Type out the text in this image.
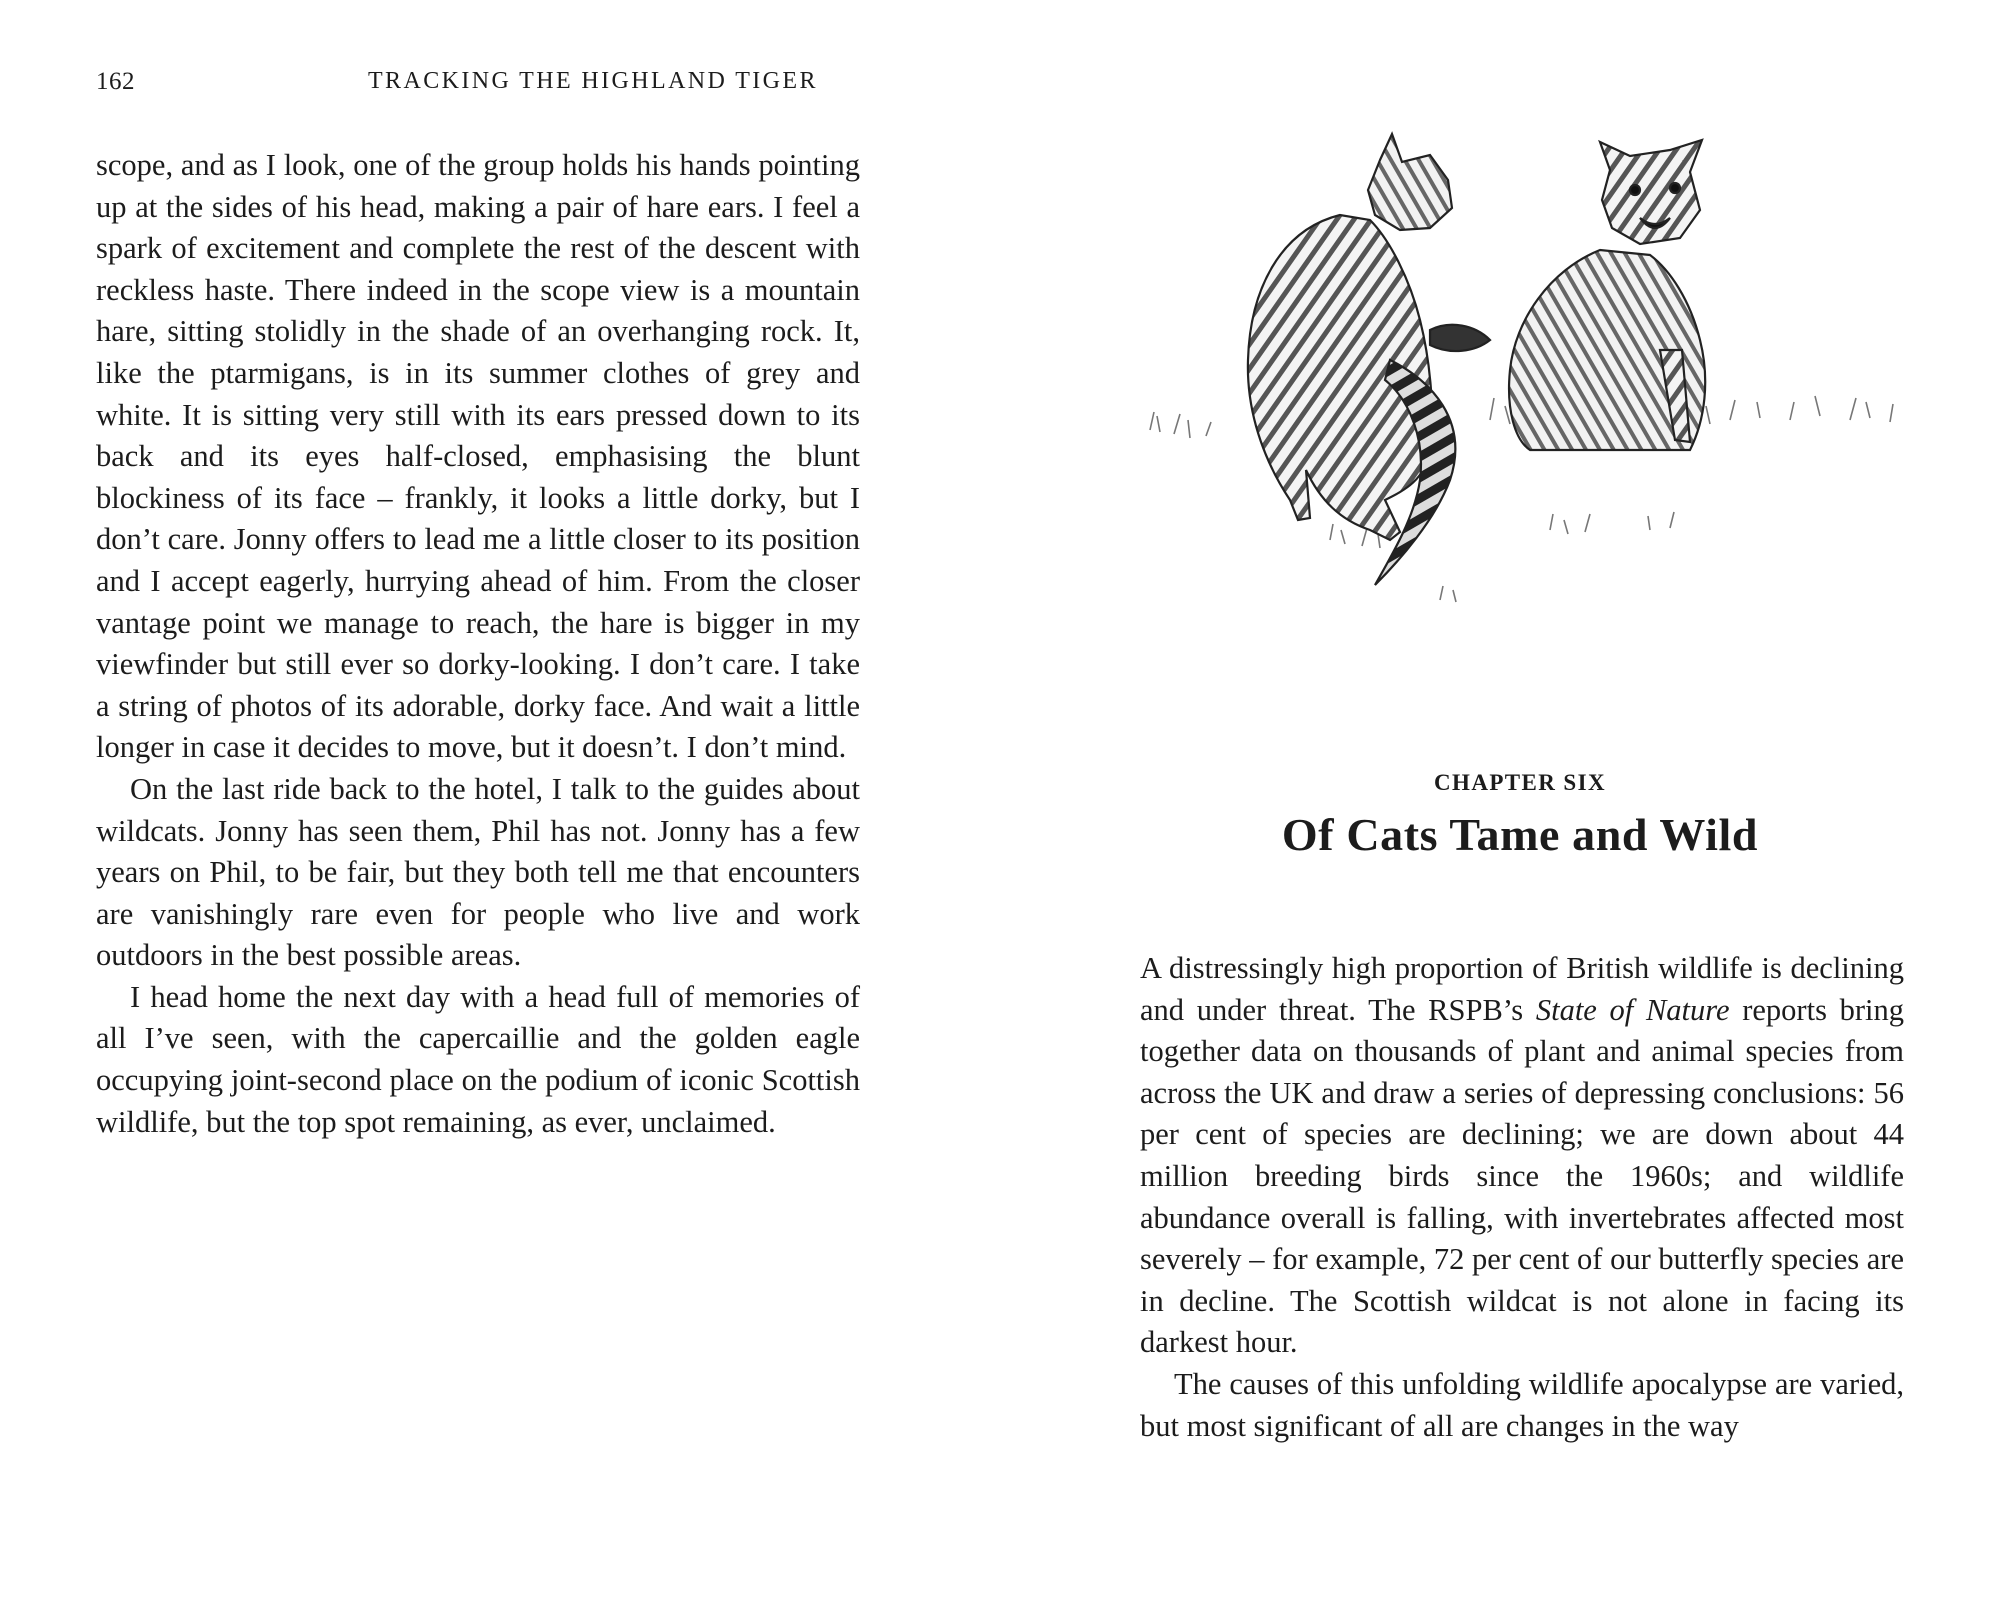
162	TRACKING THE HIGHLAND TIGER

scope, and as I look, one of the group holds his hands pointing up at the sides of his head, making a pair of hare ears. I feel a spark of excitement and complete the rest of the descent with reckless haste. There indeed in the scope view is a mountain hare, sitting stolidly in the shade of an overhanging rock. It, like the ptarmigans, is in its summer clothes of grey and white. It is sitting very still with its ears pressed down to its back and its eyes half-closed, emphasising the blunt blockiness of its face – frankly, it looks a little dorky, but I don’t care. Jonny offers to lead me a little closer to its position and I accept eagerly, hurrying ahead of him. From the closer vantage point we manage to reach, the hare is bigger in my viewfinder but still ever so dorky-looking. I don’t care. I take a string of photos of its adorable, dorky face. And wait a little longer in case it decides to move, but it doesn’t. I don’t mind.

On the last ride back to the hotel, I talk to the guides about wildcats. Jonny has seen them, Phil has not. Jonny has a few years on Phil, to be fair, but they both tell me that encounters are vanishingly rare even for people who live and work outdoors in the best possible areas.

I head home the next day with a head full of memories of all I’ve seen, with the capercaillie and the golden eagle occupying joint-second place on the podium of iconic Scottish wildlife, but the top spot remaining, as ever, unclaimed.

CHAPTER SIX
Of Cats Tame and Wild

A distressingly high proportion of British wildlife is declining and under threat. The RSPB’s State of Nature reports bring together data on thousands of plant and animal species from across the UK and draw a series of depressing conclusions: 56 per cent of species are declining; we are down about 44 million breeding birds since the 1960s; and wildlife abundance overall is falling, with invertebrates affected most severely – for example, 72 per cent of our butterfly species are in decline. The Scottish wildcat is not alone in facing its darkest hour.

The causes of this unfolding wildlife apocalypse are varied, but most significant of all are changes in the way
